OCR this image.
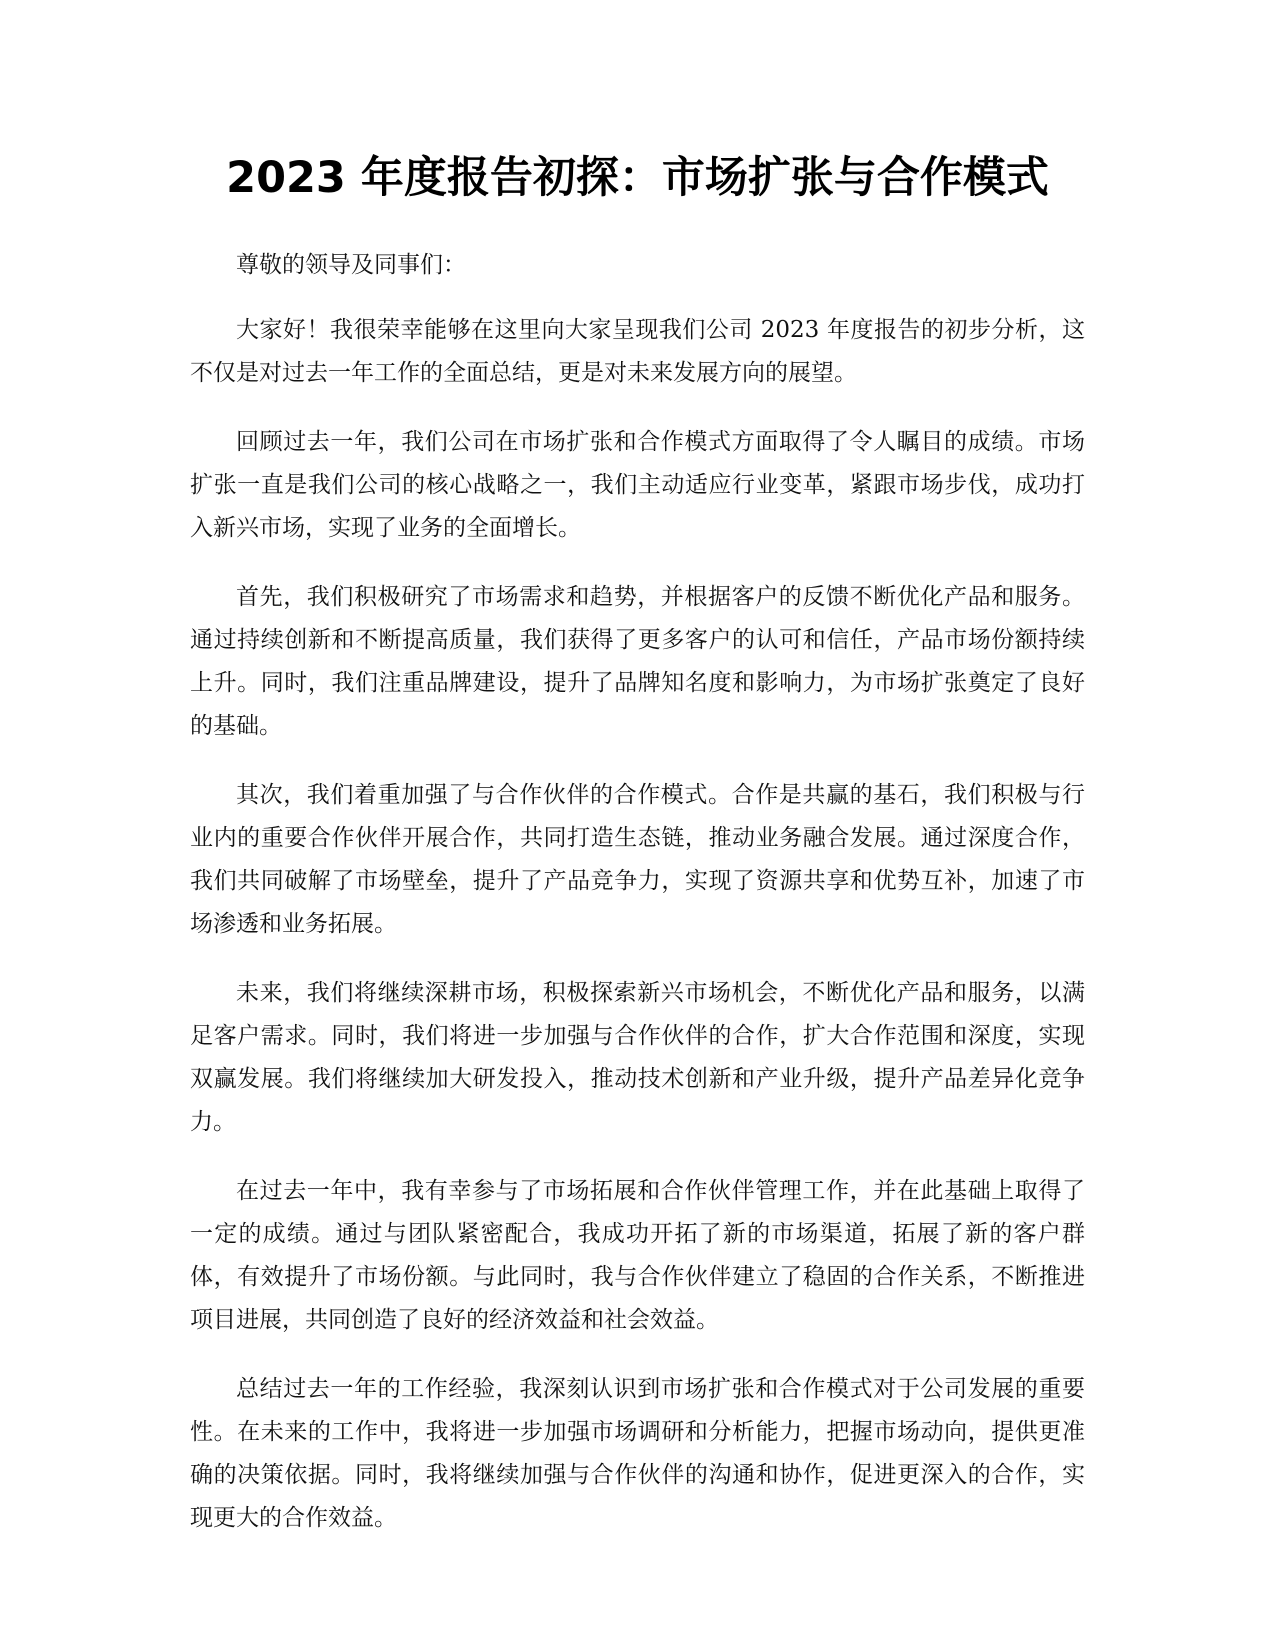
2023 年度报告初探：市场扩张与合作模式

尊敬的领导及同事们：

大家好！我很荣幸能够在这里向大家呈现我们公司 2023 年度报告的初步分析，这不仅是对过去一年工作的全面总结，更是对未来发展方向的展望。

回顾过去一年，我们公司在市场扩张和合作模式方面取得了令人瞩目的成绩。市场扩张一直是我们公司的核心战略之一，我们主动适应行业变革，紧跟市场步伐，成功打入新兴市场，实现了业务的全面增长。

首先，我们积极研究了市场需求和趋势，并根据客户的反馈不断优化产品和服务。通过持续创新和不断提高质量，我们获得了更多客户的认可和信任，产品市场份额持续上升。同时，我们注重品牌建设，提升了品牌知名度和影响力，为市场扩张奠定了良好的基础。

其次，我们着重加强了与合作伙伴的合作模式。合作是共赢的基石，我们积极与行业内的重要合作伙伴开展合作，共同打造生态链，推动业务融合发展。通过深度合作，我们共同破解了市场壁垒，提升了产品竞争力，实现了资源共享和优势互补，加速了市场渗透和业务拓展。

未来，我们将继续深耕市场，积极探索新兴市场机会，不断优化产品和服务，以满足客户需求。同时，我们将进一步加强与合作伙伴的合作，扩大合作范围和深度，实现双赢发展。我们将继续加大研发投入，推动技术创新和产业升级，提升产品差异化竞争力。

在过去一年中，我有幸参与了市场拓展和合作伙伴管理工作，并在此基础上取得了一定的成绩。通过与团队紧密配合，我成功开拓了新的市场渠道，拓展了新的客户群体，有效提升了市场份额。与此同时，我与合作伙伴建立了稳固的合作关系，不断推进项目进展，共同创造了良好的经济效益和社会效益。

总结过去一年的工作经验，我深刻认识到市场扩张和合作模式对于公司发展的重要性。在未来的工作中，我将进一步加强市场调研和分析能力，把握市场动向，提供更准确的决策依据。同时，我将继续加强与合作伙伴的沟通和协作，促进更深入的合作，实现更大的合作效益。
